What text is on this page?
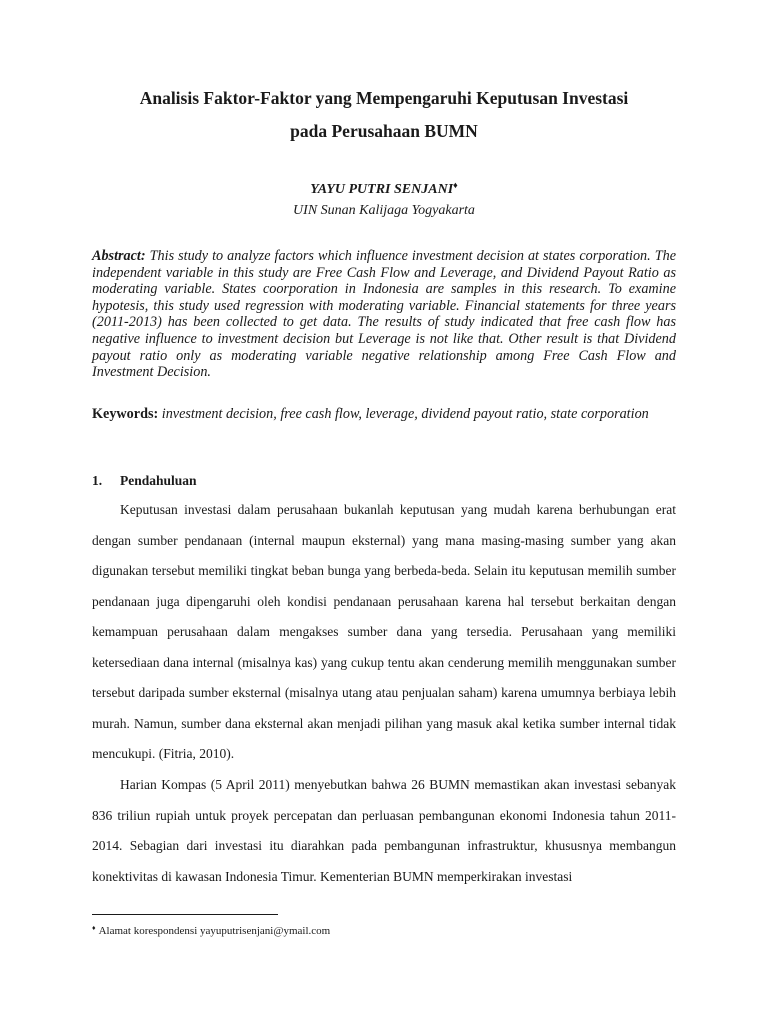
Analisis Faktor-Faktor yang Mempengaruhi Keputusan Investasi
pada Perusahaan BUMN
YAYU PUTRI SENJANI♦
UIN Sunan Kalijaga Yogyakarta

Abstract: This study to analyze factors which influence investment decision at states corporation. The independent variable in this study are Free Cash Flow and Leverage, and Dividend Payout Ratio as moderating variable. States coorporation in Indonesia are samples in this research. To examine hypotesis, this study used regression with moderating variable. Financial statements for three years (2011-2013) has been collected to get data. The results of study indicated that free cash flow has negative influence to investment decision but Leverage is not like that. Other result is that Dividend payout ratio only as moderating variable negative relationship among Free Cash Flow and Investment Decision.

Keywords: investment decision, free cash flow, leverage, dividend payout ratio, state corporation

1. Pendahuluan

Keputusan investasi dalam perusahaan bukanlah keputusan yang mudah karena berhubungan erat dengan sumber pendanaan (internal maupun eksternal) yang mana masing-masing sumber yang akan digunakan tersebut memiliki tingkat beban bunga yang berbeda-beda. Selain itu keputusan memilih sumber pendanaan juga dipengaruhi oleh kondisi pendanaan perusahaan karena hal tersebut berkaitan dengan kemampuan perusahaan dalam mengakses sumber dana yang tersedia. Perusahaan yang memiliki ketersediaan dana internal (misalnya kas) yang cukup tentu akan cenderung memilih menggunakan sumber tersebut daripada sumber eksternal (misalnya utang atau penjualan saham) karena umumnya berbiaya lebih murah. Namun, sumber dana eksternal akan menjadi pilihan yang masuk akal ketika sumber internal tidak mencukupi. (Fitria, 2010).

Harian Kompas (5 April 2011) menyebutkan bahwa 26 BUMN memastikan akan investasi sebanyak 836 triliun rupiah untuk proyek percepatan dan perluasan pembangunan ekonomi Indonesia tahun 2011-2014. Sebagian dari investasi itu diarahkan pada pembangunan infrastruktur, khususnya membangun konektivitas di kawasan Indonesia Timur. Kementerian BUMN memperkirakan investasi

♦ Alamat korespondensi yayuputrisenjani@ymail.com
